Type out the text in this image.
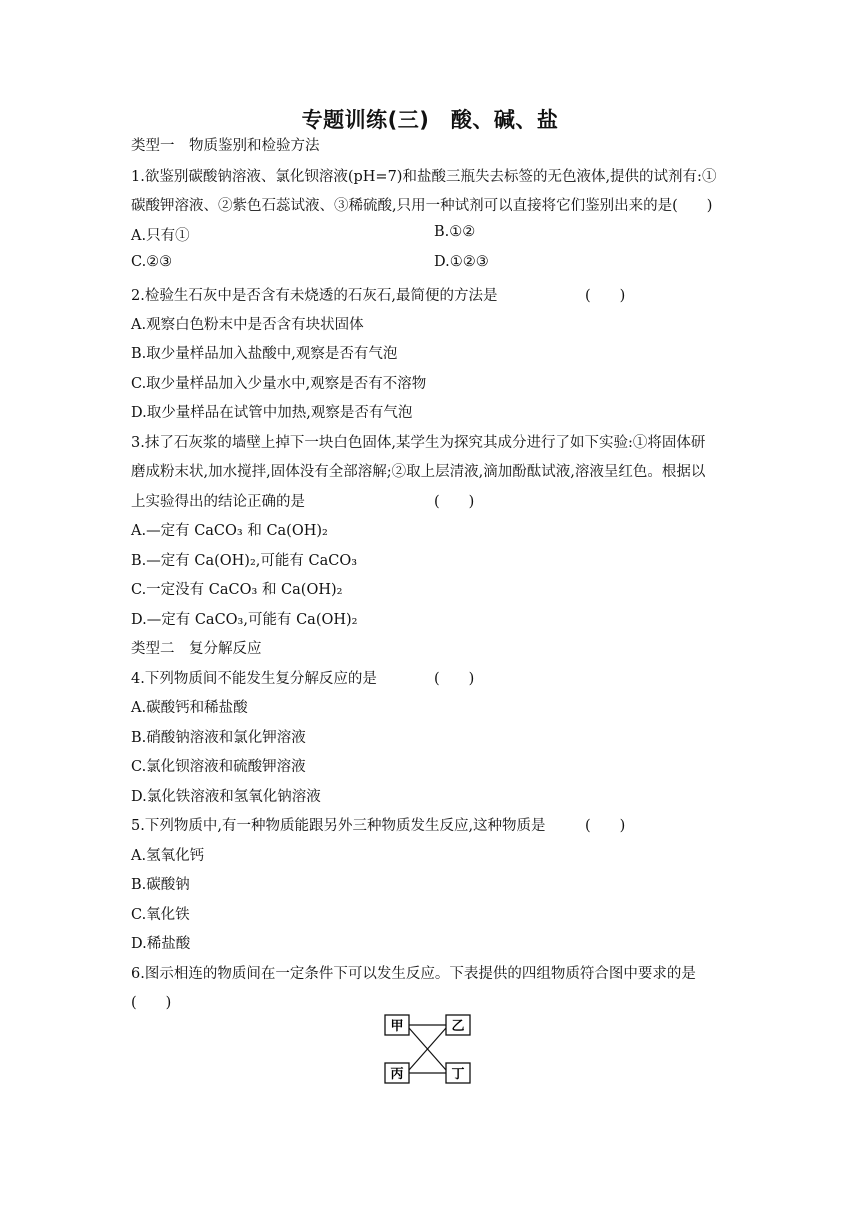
专题训练(三)　酸、碱、盐
类型一　物质鉴别和检验方法
1.欲鉴别碳酸钠溶液、氯化钡溶液(pH=7)和盐酸三瓶失去标签的无色液体,提供的试剂有:①
碳酸钾溶液、②紫色石蕊试液、③稀硫酸,只用一种试剂可以直接将它们鉴别出来的是(　　)
A.只有①	B.①②
C.②③	D.①②③
2.检验生石灰中是否含有未烧透的石灰石,最简便的方法是	(　　)
A.观察白色粉末中是否含有块状固体
B.取少量样品加入盐酸中,观察是否有气泡
C.取少量样品加入少量水中,观察是否有不溶物
D.取少量样品在试管中加热,观察是否有气泡
3.抹了石灰浆的墙壁上掉下一块白色固体,某学生为探究其成分进行了如下实验:①将固体研
磨成粉末状,加水搅拌,固体没有全部溶解;②取上层清液,滴加酚酞试液,溶液呈红色。根据以
上实验得出的结论正确的是	(　　)
A.—定有 CaCO₃ 和 Ca(OH)₂
B.—定有 Ca(OH)₂,可能有 CaCO₃
C.一定没有 CaCO₃ 和 Ca(OH)₂
D.—定有 CaCO₃,可能有 Ca(OH)₂
类型二　复分解反应
4.下列物质间不能发生复分解反应的是	(　　)
A.碳酸钙和稀盐酸
B.硝酸钠溶液和氯化钾溶液
C.氯化钡溶液和硫酸钾溶液
D.氯化铁溶液和氢氧化钠溶液
5.下列物质中,有一种物质能跟另外三种物质发生反应,这种物质是	(　　)
A.氢氧化钙
B.碳酸钠
C.氧化铁
D.稀盐酸
6.图示相连的物质间在一定条件下可以发生反应。下表提供的四组物质符合图中要求的是
(　　)
甲	乙
丙	丁
